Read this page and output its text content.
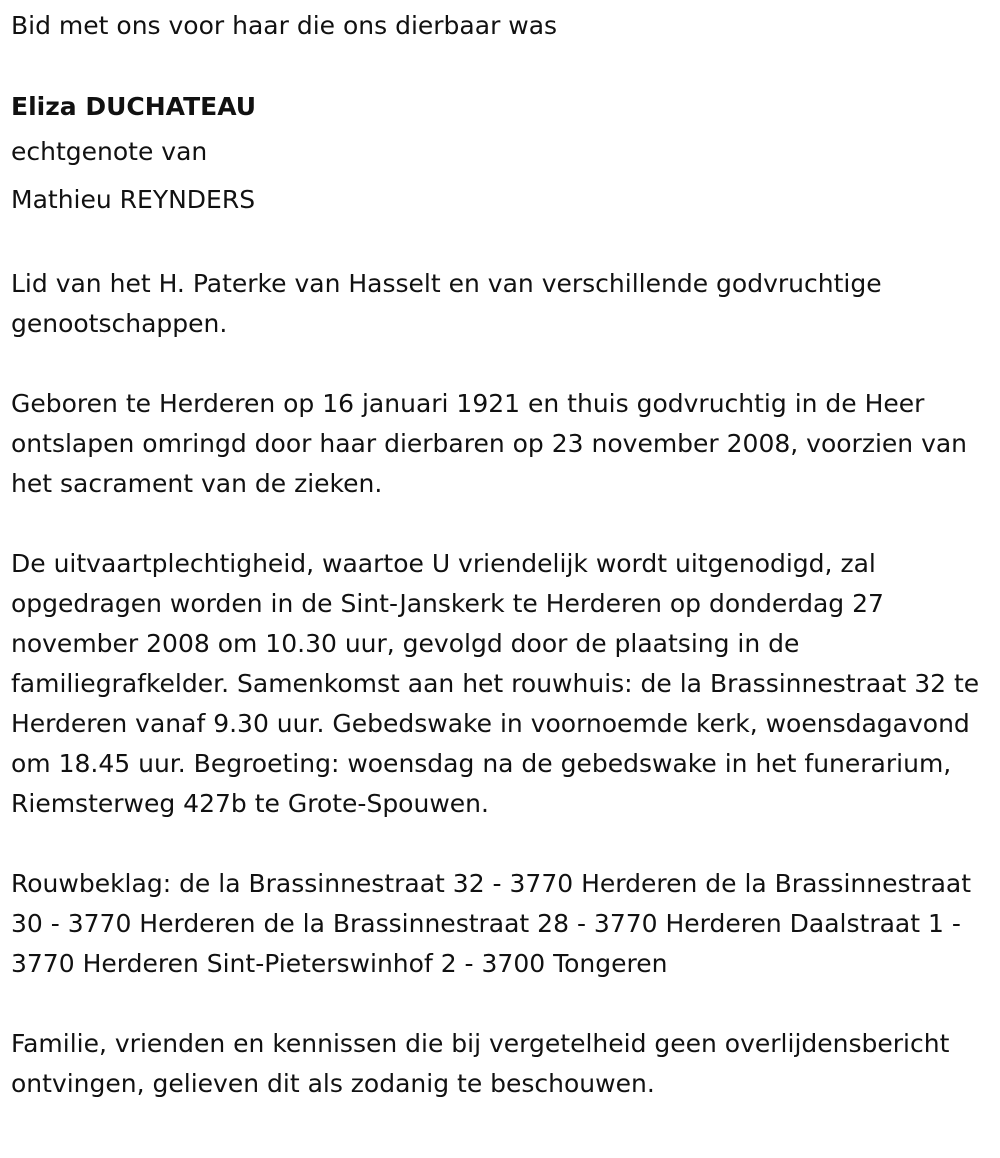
Bid met ons voor haar die ons dierbaar was

Eliza DUCHATEAU

echtgenote van

Mathieu REYNDERS

Lid van het H. Paterke van Hasselt en van verschillende godvruchtige genootschappen.

Geboren te Herderen op 16 januari 1921 en thuis godvruchtig in de Heer ontslapen omringd door haar dierbaren op 23 november 2008, voorzien van het sacrament van de zieken.

De uitvaartplechtigheid, waartoe U vriendelijk wordt uitgenodigd, zal opgedragen worden in de Sint-Janskerk te Herderen op donderdag 27 november 2008 om 10.30 uur, gevolgd door de plaatsing in de familiegrafkelder. Samenkomst aan het rouwhuis: de la Brassinnestraat 32 te Herderen vanaf 9.30 uur. Gebedswake in voornoemde kerk, woensdagavond om 18.45 uur. Begroeting: woensdag na de gebedswake in het funerarium, Riemsterweg 427b te Grote-Spouwen.

Rouwbeklag: de la Brassinnestraat 32 - 3770 Herderen de la Brassinnestraat 30 - 3770 Herderen de la Brassinnestraat 28 - 3770 Herderen Daalstraat 1 - 3770 Herderen Sint-Pieterswinhof 2 - 3700 Tongeren

Familie, vrienden en kennissen die bij vergetelheid geen overlijdensbericht ontvingen, gelieven dit als zodanig te beschouwen.
